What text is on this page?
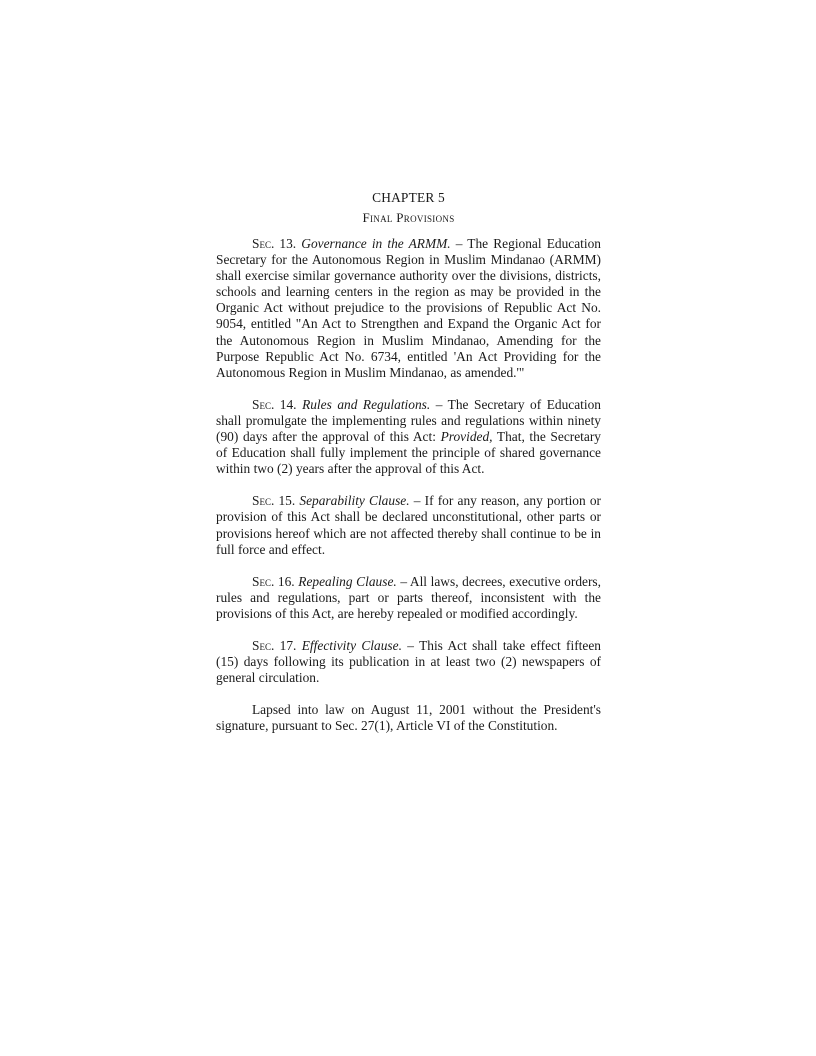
CHAPTER 5
Final Provisions

Sec. 13. Governance in the ARMM. – The Regional Education Secretary for the Autonomous Region in Muslim Mindanao (ARMM) shall exercise similar governance authority over the divisions, districts, schools and learning centers in the region as may be provided in the Organic Act without prejudice to the provisions of Republic Act No. 9054, entitled "An Act to Strengthen and Expand the Organic Act for the Autonomous Region in Muslim Mindanao, Amending for the Purpose Republic Act No. 6734, entitled 'An Act Providing for the Autonomous Region in Muslim Mindanao, as amended.'"

Sec. 14. Rules and Regulations. – The Secretary of Education shall promulgate the implementing rules and regulations within ninety (90) days after the approval of this Act: Provided, That, the Secretary of Education shall fully implement the principle of shared governance within two (2) years after the approval of this Act.

Sec. 15. Separability Clause. – If for any reason, any portion or provision of this Act shall be declared unconstitutional, other parts or provisions hereof which are not affected thereby shall continue to be in full force and effect.

Sec. 16. Repealing Clause. – All laws, decrees, executive orders, rules and regulations, part or parts thereof, inconsistent with the provisions of this Act, are hereby repealed or modified accordingly.

Sec. 17. Effectivity Clause. – This Act shall take effect fifteen (15) days following its publication in at least two (2) newspapers of general circulation.

Lapsed into law on August 11, 2001 without the President's signature, pursuant to Sec. 27(1), Article VI of the Constitution.
